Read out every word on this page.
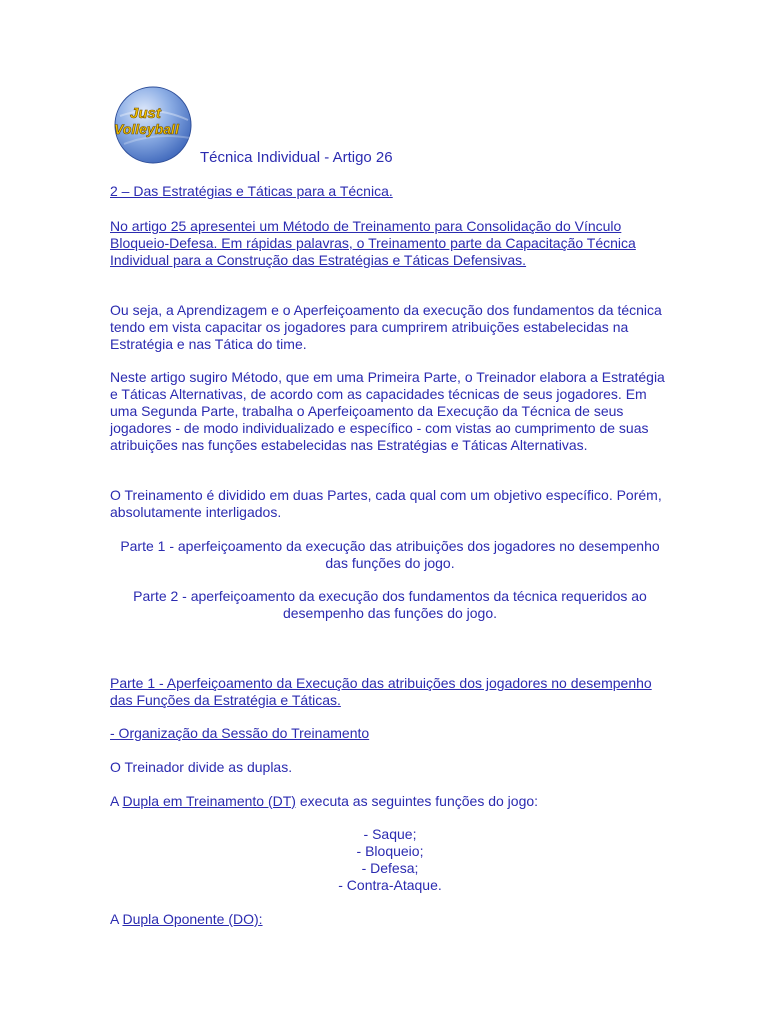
Just
Volleyball
Técnica Individual - Artigo 26

2 – Das Estratégias e Táticas para a Técnica.

No artigo 25 apresentei um Método de Treinamento para Consolidação do Vínculo Bloqueio-Defesa. Em rápidas palavras, o Treinamento parte da Capacitação Técnica Individual para a Construção das Estratégias e Táticas Defensivas.

Ou seja, a Aprendizagem e o Aperfeiçoamento da execução dos fundamentos da técnica tendo em vista capacitar os jogadores para cumprirem atribuições estabelecidas na Estratégia e nas Tática do time.

Neste artigo sugiro Método, que em uma Primeira Parte, o Treinador elabora a Estratégia e Táticas Alternativas, de acordo com as capacidades técnicas de seus jogadores. Em uma Segunda Parte, trabalha o Aperfeiçoamento da Execução da Técnica de seus jogadores - de modo individualizado e específico - com vistas ao cumprimento de suas atribuições nas funções estabelecidas nas Estratégias e Táticas Alternativas.

O Treinamento é dividido em duas Partes, cada qual com um objetivo específico. Porém, absolutamente interligados.

Parte 1 - aperfeiçoamento da execução das atribuições dos jogadores no desempenho das funções do jogo.

Parte 2 - aperfeiçoamento da execução dos fundamentos da técnica requeridos ao desempenho das funções do jogo.

Parte 1 - Aperfeiçoamento da Execução das atribuições dos jogadores no desempenho das Funções da Estratégia e Táticas.

- Organização da Sessão do Treinamento

O Treinador divide as duplas.

A Dupla em Treinamento (DT) executa as seguintes funções do jogo:

- Saque;

- Bloqueio;

- Defesa;

- Contra-Ataque.

A Dupla Oponente (DO):
